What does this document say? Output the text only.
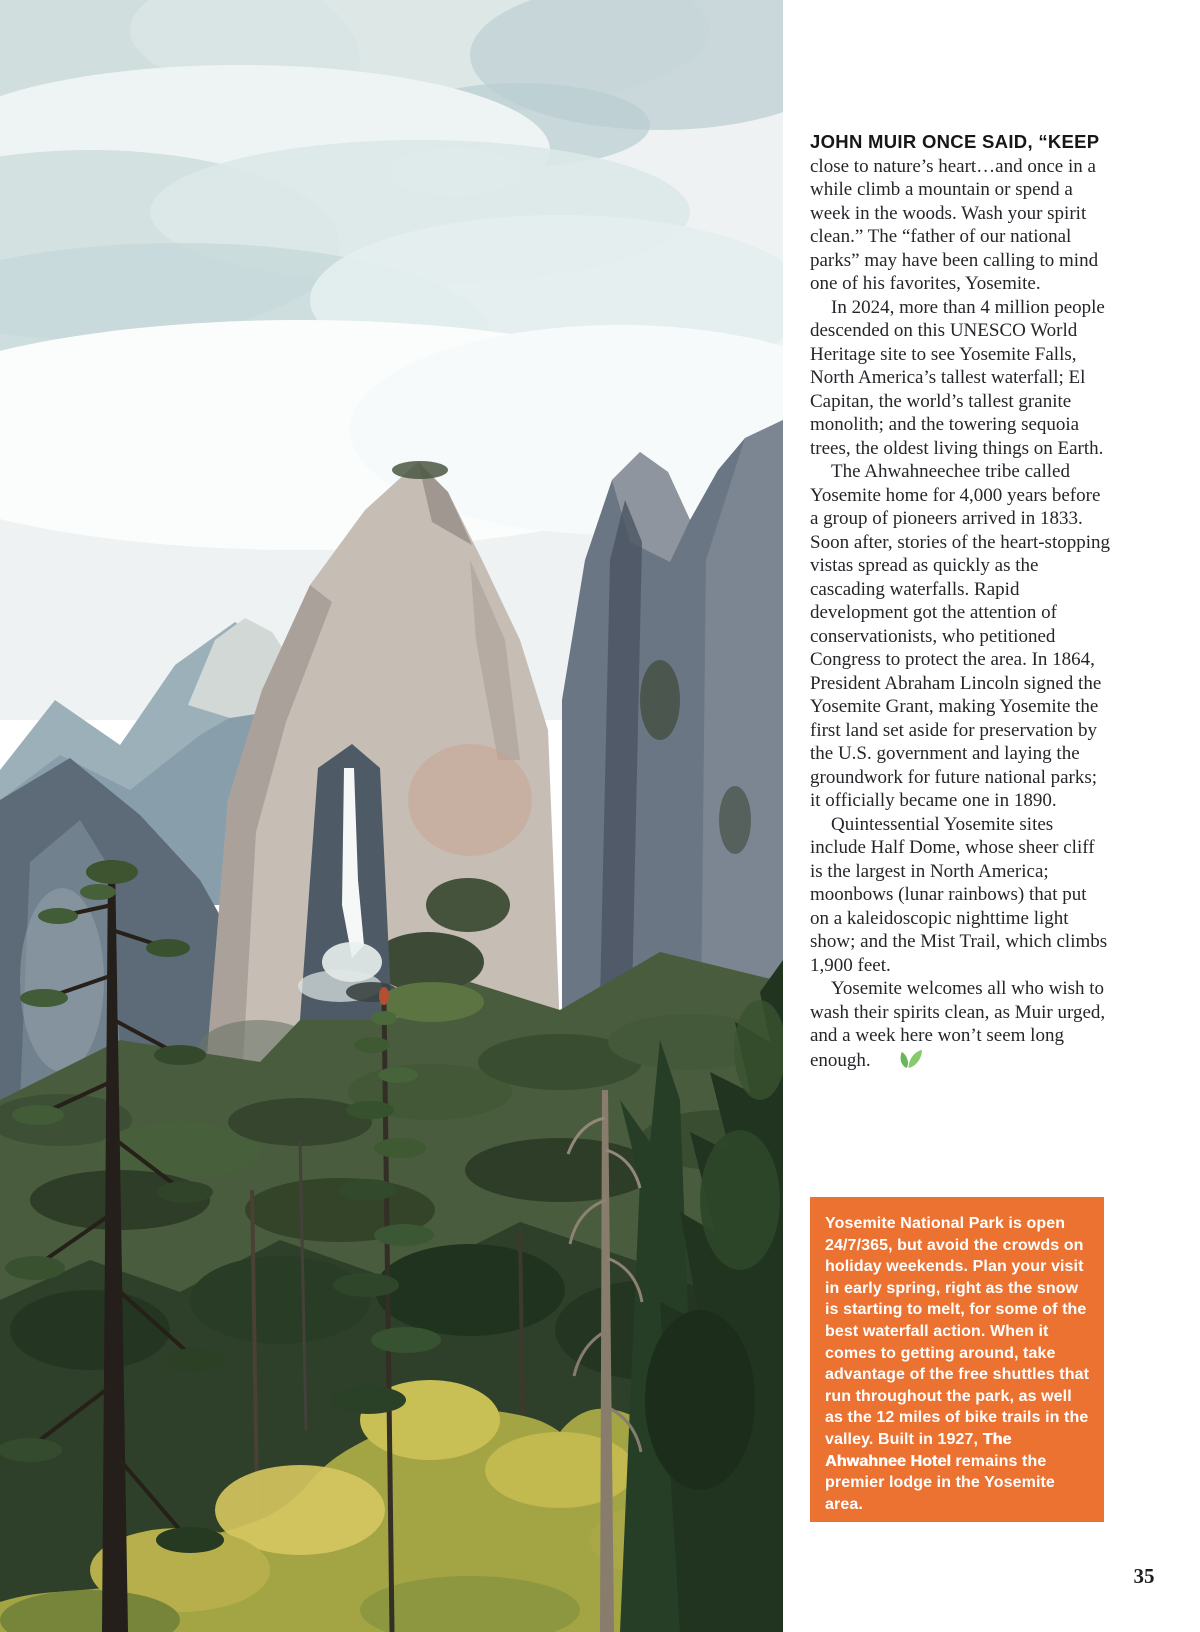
JOHN MUIR ONCE SAID, “KEEP close to nature’s heart…and once in a while climb a mountain or spend a week in the woods. Wash your spirit clean.” The “father of our national parks” may have been calling to mind one of his favorites, Yosemite.

In 2024, more than 4 million people descended on this UNESCO World Heritage site to see Yosemite Falls, North America’s tallest waterfall; El Capitan, the world’s tallest granite monolith; and the towering sequoia trees, the oldest living things on Earth.

The Ahwahneechee tribe called Yosemite home for 4,000 years before a group of pioneers arrived in 1833. Soon after, stories of the heart-stopping vistas spread as quickly as the cascading waterfalls. Rapid development got the attention of conservationists, who petitioned Congress to protect the area. In 1864, President Abraham Lincoln signed the Yosemite Grant, making Yosemite the first land set aside for preservation by the U.S. government and laying the groundwork for future national parks; it officially became one in 1890.

Quintessential Yosemite sites include Half Dome, whose sheer cliff is the largest in North America; moonbows (lunar rainbows) that put on a kaleidoscopic nighttime light show; and the Mist Trail, which climbs 1,900 feet.

Yosemite welcomes all who wish to wash their spirits clean, as Muir urged, and a week here won’t seem long enough.

Yosemite National Park is open 24/7/365, but avoid the crowds on holiday weekends. Plan your visit in early spring, right as the snow is starting to melt, for some of the best waterfall action. When it comes to getting around, take advantage of the free shuttles that run throughout the park, as well as the 12 miles of bike trails in the valley. Built in 1927, The Ahwahnee Hotel remains the premier lodge in the Yosemite area.

35
